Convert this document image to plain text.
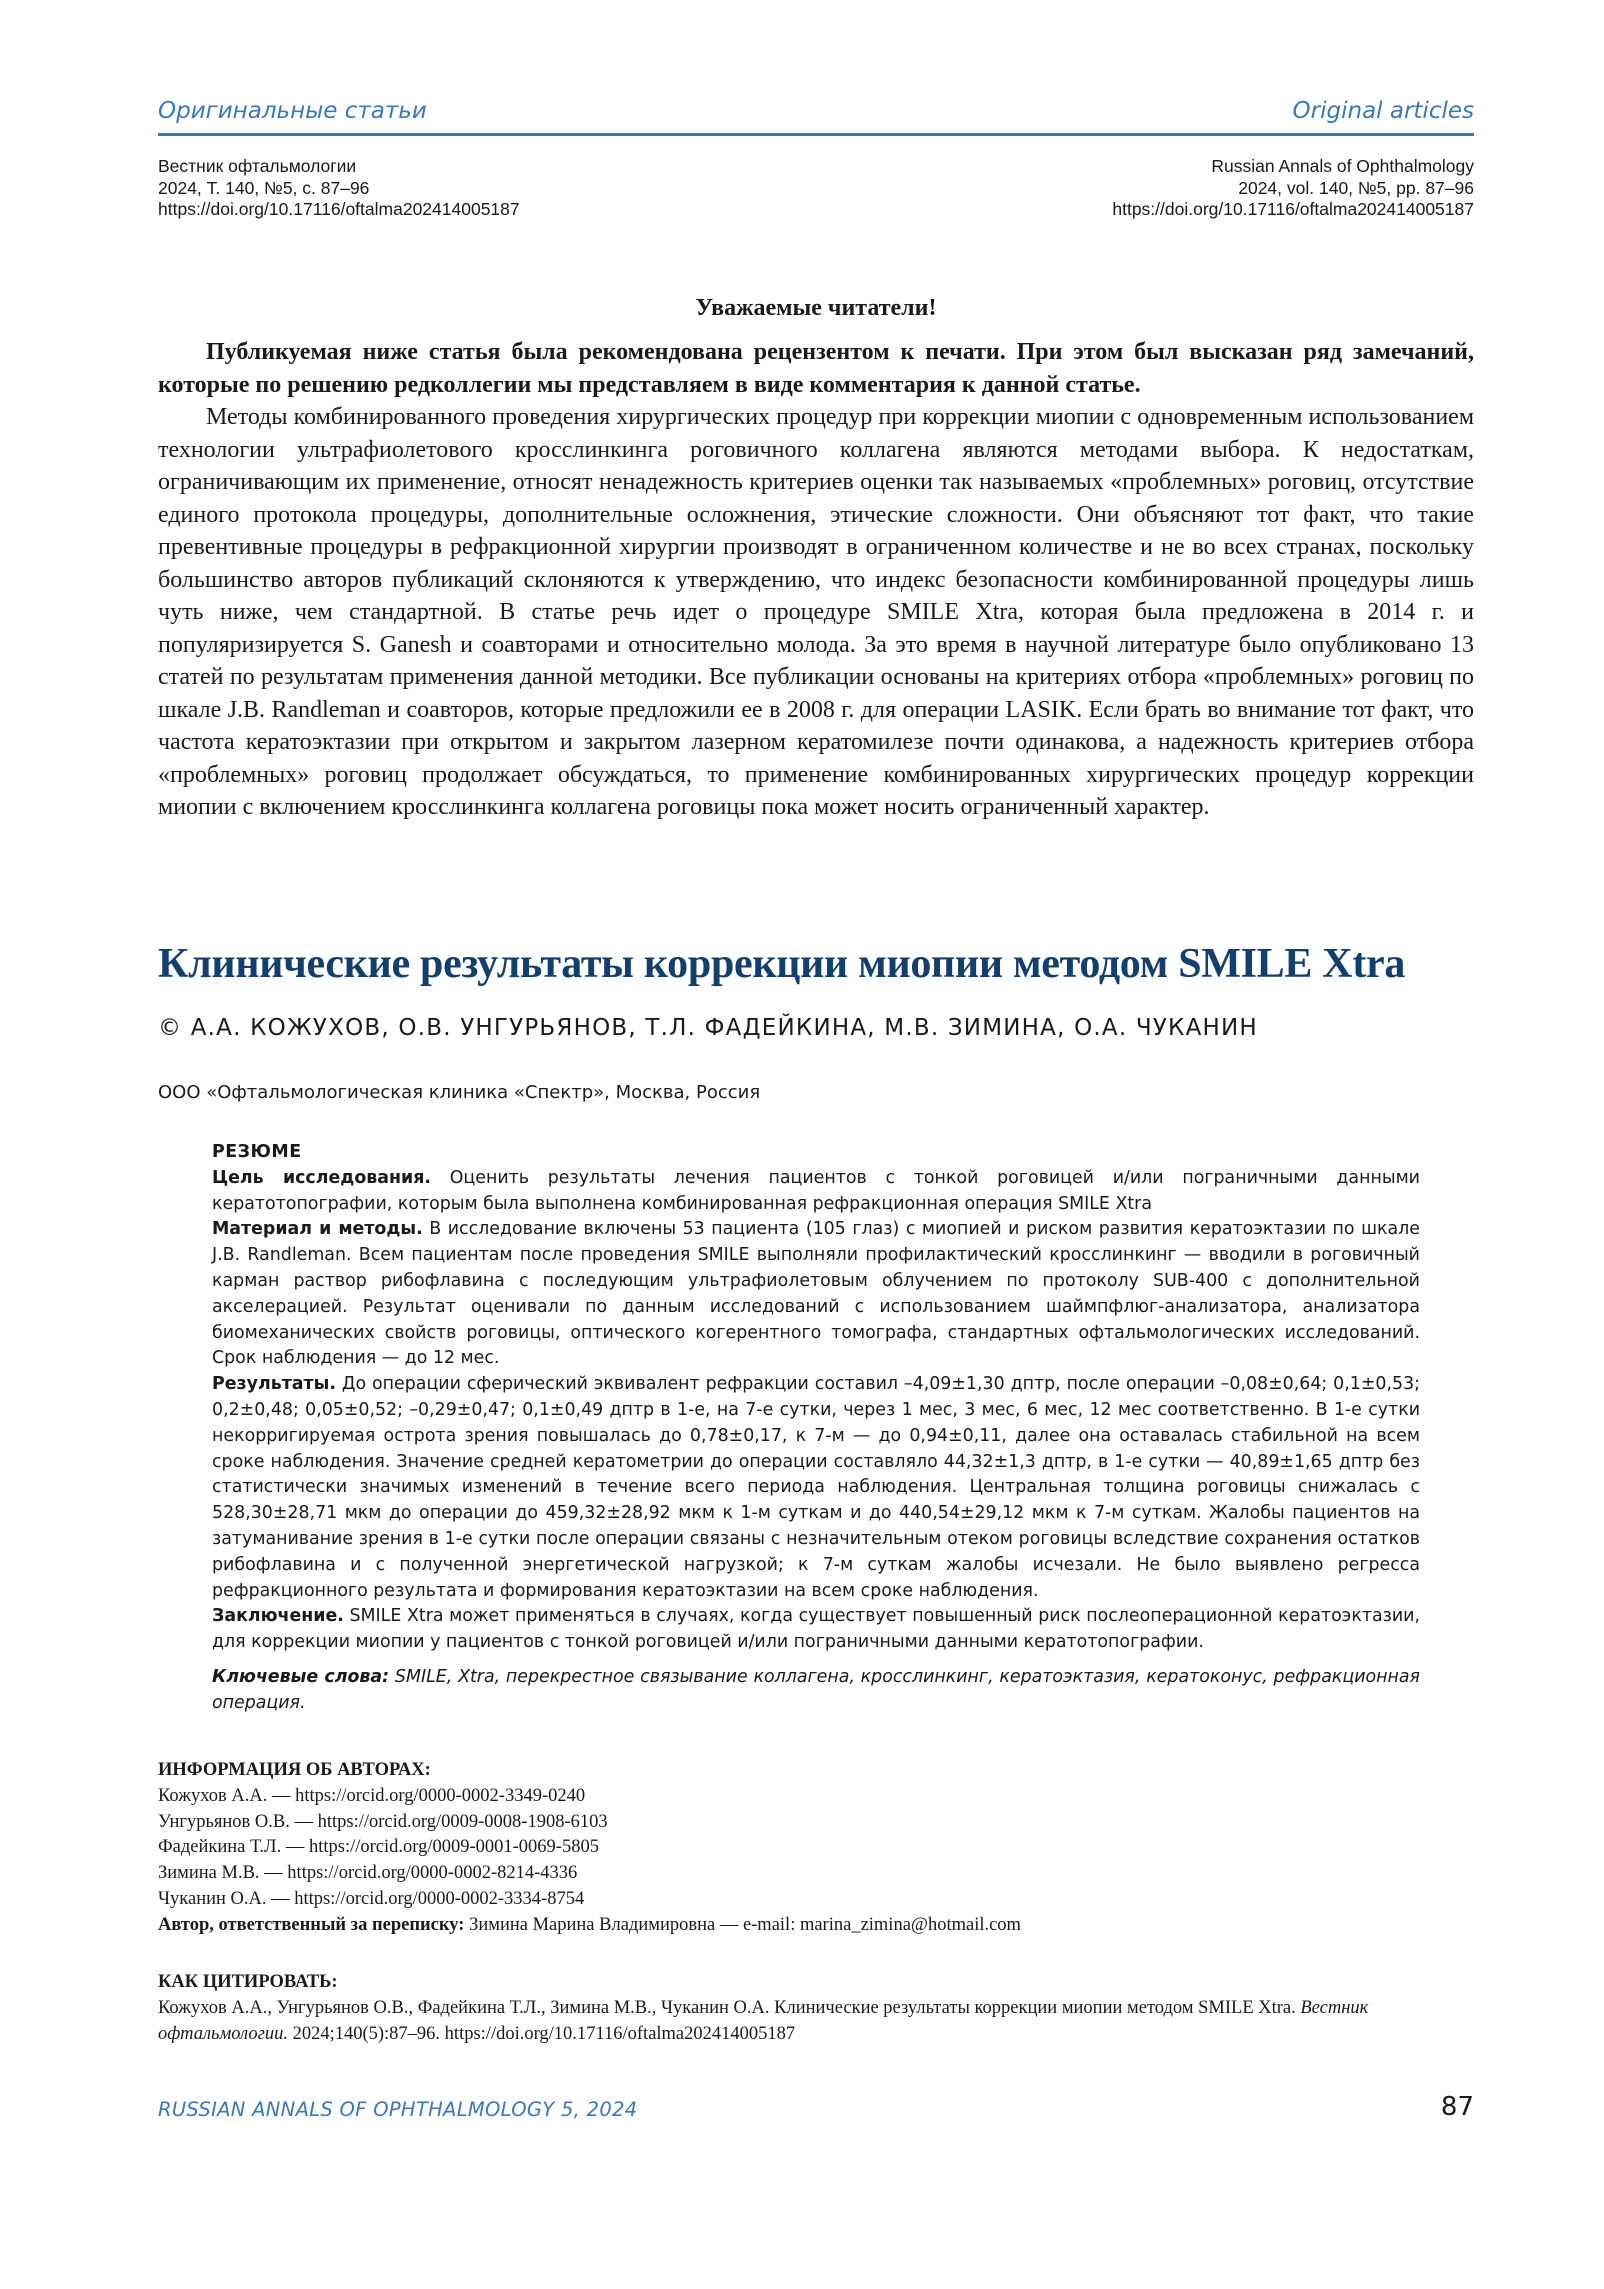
Оригинальные статьи	Original articles
Вестник офтальмологии
2024, Т. 140, №5, с. 87–96
https://doi.org/10.17116/oftalma202414005187
Russian Annals of Ophthalmology
2024, vol. 140, №5, pp. 87–96
https://doi.org/10.17116/oftalma202414005187
Уважаемые читатели!

Публикуемая ниже статья была рекомендована рецензентом к печати. При этом был высказан ряд замечаний, которые по решению редколлегии мы представляем в виде комментария к данной статье.

Методы комбинированного проведения хирургических процедур при коррекции миопии с одновременным использованием технологии ультрафиолетового кросслинкинга роговичного коллагена являются методами выбора. К недостаткам, ограничивающим их применение, относят ненадежность критериев оценки так называемых «проблемных» роговиц, отсутствие единого протокола процедуры, дополнительные осложнения, этические сложности. Они объясняют тот факт, что такие превентивные процедуры в рефракционной хирургии производят в ограниченном количестве и не во всех странах, поскольку большинство авторов публикаций склоняются к утверждению, что индекс безопасности комбинированной процедуры лишь чуть ниже, чем стандартной. В статье речь идет о процедуре SMILE Xtra, которая была предложена в 2014 г. и популяризируется S. Ganesh и соавторами и относительно молода. За это время в научной литературе было опубликовано 13 статей по результатам применения данной методики. Все публикации основаны на критериях отбора «проблемных» роговиц по шкале J.B. Randleman и соавторов, которые предложили ее в 2008 г. для операции LASIK. Если брать во внимание тот факт, что частота кератоэктазии при открытом и закрытом лазерном кератомилезе почти одинакова, а надежность критериев отбора «проблемных» роговиц продолжает обсуждаться, то применение комбинированных хирургических процедур коррекции миопии с включением кросслинкинга коллагена роговицы пока может носить ограниченный характер.

Клинические результаты коррекции миопии методом SMILE Xtra
© А.А. КОЖУХОВ, О.В. УНГУРЬЯНОВ, Т.Л. ФАДЕЙКИНА, М.В. ЗИМИНА, О.А. ЧУКАНИН
ООО «Офтальмологическая клиника «Спектр», Москва, Россия

РЕЗЮМЕ

Цель исследования. Оценить результаты лечения пациентов с тонкой роговицей и/или пограничными данными кератотопографии, которым была выполнена комбинированная рефракционная операция SMILE Xtra

Материал и методы. В исследование включены 53 пациента (105 глаз) с миопией и риском развития кератоэктазии по шкале J.B. Randleman. Всем пациентам после проведения SMILE выполняли профилактический кросслинкинг — вводили в роговичный карман раствор рибофлавина с последующим ультрафиолетовым облучением по протоколу SUB-400 с дополнительной акселерацией. Результат оценивали по данным исследований с использованием шаймпфлюг-анализатора, анализатора биомеханических свойств роговицы, оптического когерентного томографа, стандартных офтальмологических исследований. Срок наблюдения — до 12 мес.

Результаты. До операции сферический эквивалент рефракции составил –4,09±1,30 дптр, после операции –0,08±0,64; 0,1±0,53; 0,2±0,48; 0,05±0,52; –0,29±0,47; 0,1±0,49 дптр в 1-е, на 7-е сутки, через 1 мес, 3 мес, 6 мес, 12 мес соответственно. В 1-е сутки некорригируемая острота зрения повышалась до 0,78±0,17, к 7-м — до 0,94±0,11, далее она оставалась стабильной на всем сроке наблюдения. Значение средней кератометрии до операции составляло 44,32±1,3 дптр, в 1-е сутки — 40,89±1,65 дптр без статистически значимых изменений в течение всего периода наблюдения. Центральная толщина роговицы снижалась с 528,30±28,71 мкм до операции до 459,32±28,92 мкм к 1-м суткам и до 440,54±29,12 мкм к 7-м суткам. Жалобы пациентов на затуманивание зрения в 1-е сутки после операции связаны с незначительным отеком роговицы вследствие сохранения остатков рибофлавина и с полученной энергетической нагрузкой; к 7-м суткам жалобы исчезали. Не было выявлено регресса рефракционного результата и формирования кератоэктазии на всем сроке наблюдения.

Заключение. SMILE Xtra может применяться в случаях, когда существует повышенный риск послеоперационной кератоэктазии, для коррекции миопии у пациентов с тонкой роговицей и/или пограничными данными кератотопографии.

Ключевые слова: SMILE, Xtra, перекрестное связывание коллагена, кросслинкинг, кератоэктазия, кератоконус, рефракционная операция.

ИНФОРМАЦИЯ ОБ АВТОРАХ:
Кожухов А.А. — https://orcid.org/0000-0002-3349-0240
Унгурьянов О.В. — https://orcid.org/0009-0008-1908-6103
Фадейкина Т.Л. — https://orcid.org/0009-0001-0069-5805
Зимина М.В. — https://orcid.org/0000-0002-8214-4336
Чуканин О.А. — https://orcid.org/0000-0002-3334-8754
Автор, ответственный за переписку: Зимина Марина Владимировна — e-mail: marina_zimina@hotmail.com
КАК ЦИТИРОВАТЬ:
Кожухов А.А., Унгурьянов О.В., Фадейкина Т.Л., Зимина М.В., Чуканин О.А. Клинические результаты коррекции миопии методом SMILE Xtra. Вестник офтальмологии. 2024;140(5):87–96. https://doi.org/10.17116/oftalma202414005187
RUSSIAN ANNALS OF OPHTHALMOLOGY 5, 2024	87
